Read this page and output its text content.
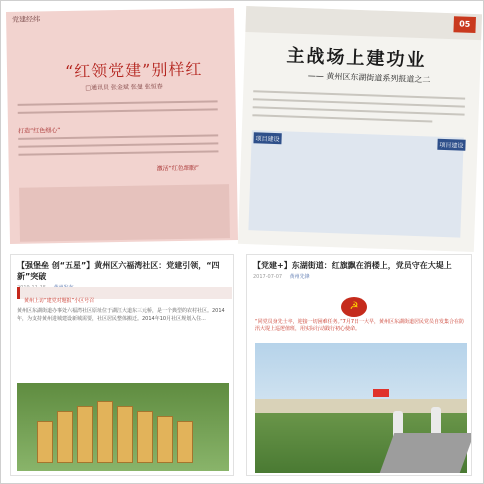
党建经纬
“红领党建”别样红
□通讯员 张金斌 张曼 张恒春
打造“红色细心”
激活“红色细胞”
05
主战场上建功业
—— 黄州区东湖街道系列报道之二
项目建设
项目建设
【强堡垒 创“五星”】黄州区六福湾社区：党建引领，“四新”突破
黄州上访“建党对题报”小区号召
黄州区东湖街道办事处六福湾社区原址位于湖江大道东三元桥，是一个典型的农村社区。2014年，为支持黄州进城建设新城需要，社区居民整体搬迁。2014年10月社区规划入住...
【党建+】东湖街道：红旗飘在消楼上，党员守在大堤上
2017-07-07 黄州先锋
☭
“同党员身先士卒，迎接一切困难任务。”7月7日一大早，黄州区东湖街道居民党员自发集合在防汛大堤上巡逻值班，用实际行动践行初心使命。
